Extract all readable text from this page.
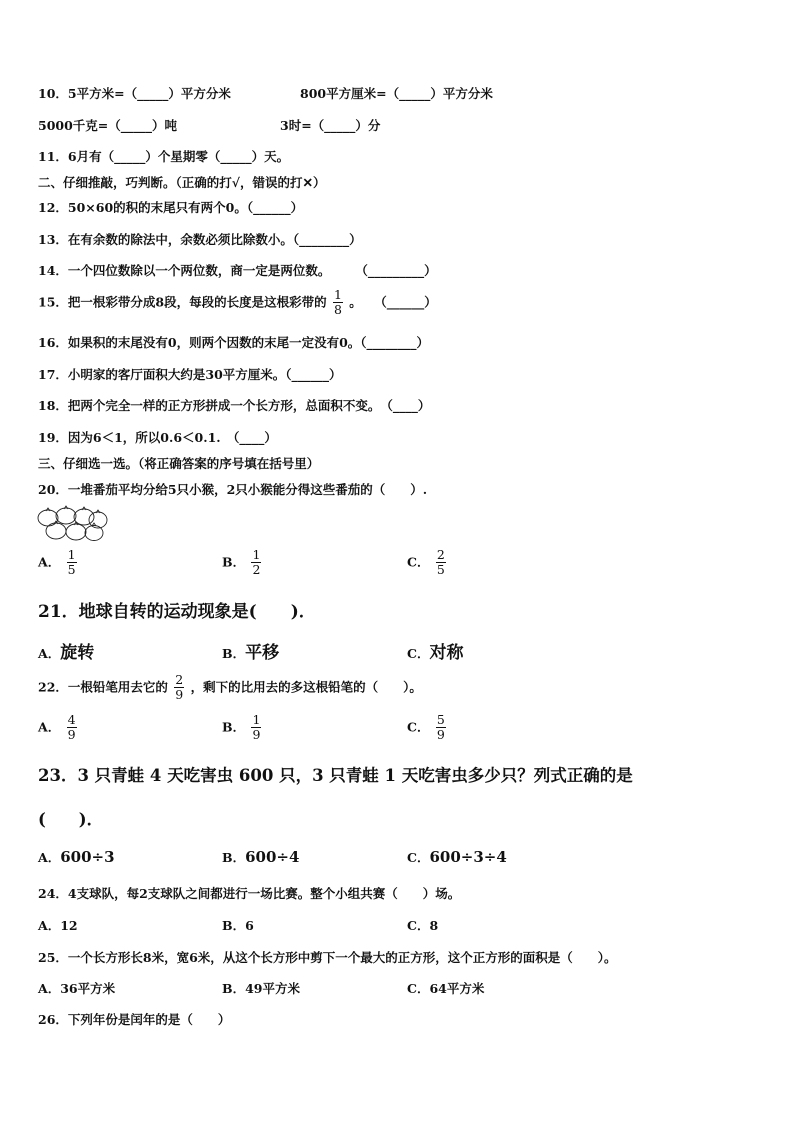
10．5平方米=（_____）平方分米	800平方厘米=（_____）平方分米
5000千克=（_____）吨	3时=（_____）分
11．6月有（_____）个星期零（_____）天。
二、仔细推敲，巧判断。（正确的打√，错误的打✕）
12．50×60的积的末尾只有两个0。（______）
13．在有余数的除法中，余数必须比除数小。（________）
14．一个四位数除以一个两位数，商一定是两位数。　　　（_________）
15．把一根彩带分成8段，每段的长度是这根彩带的 $\frac{1}{8}$ 。　　（______）
16．如果积的末尾没有0，则两个因数的末尾一定没有0。（________）
17．小明家的客厅面积大约是30平方厘米。（______）
18．把两个完全一样的正方形拼成一个长方形，总面积不变。　（____）
19．因为6＜1，所以0.6＜0.1.　（____）
三、仔细选一选。（将正确答案的序号填在括号里）
20．一堆番茄平均分给5只小猴，2只小猴能分得这些番茄的（　　）.
A． $\frac{1}{5}$	B． $\frac{1}{2}$	C． $\frac{2}{5}$
21．地球自转的运动现象是(　　)．
A．旋转	B．平移	C．对称
22．一根铅笔用去它的 $\frac{2}{9}$ ，剩下的比用去的多这根铅笔的（　　）。
A． $\frac{4}{9}$	B． $\frac{1}{9}$	C． $\frac{5}{9}$
23．3 只青蛙 4 天吃害虫 600 只，3 只青蛙 1 天吃害虫多少只？列式正确的是
(　　)．
A．600÷3	B．600÷4	C．600÷3÷4
24．4支球队，每2支球队之间都进行一场比赛。整个小组共赛（　　）场。
A．12	B．6	C．8
25．一个长方形长8米，宽6米，从这个长方形中剪下一个最大的正方形，这个正方形的面积是（　　）。
A．36平方米	B．49平方米	C．64平方米
26．下列年份是闰年的是（　　）
